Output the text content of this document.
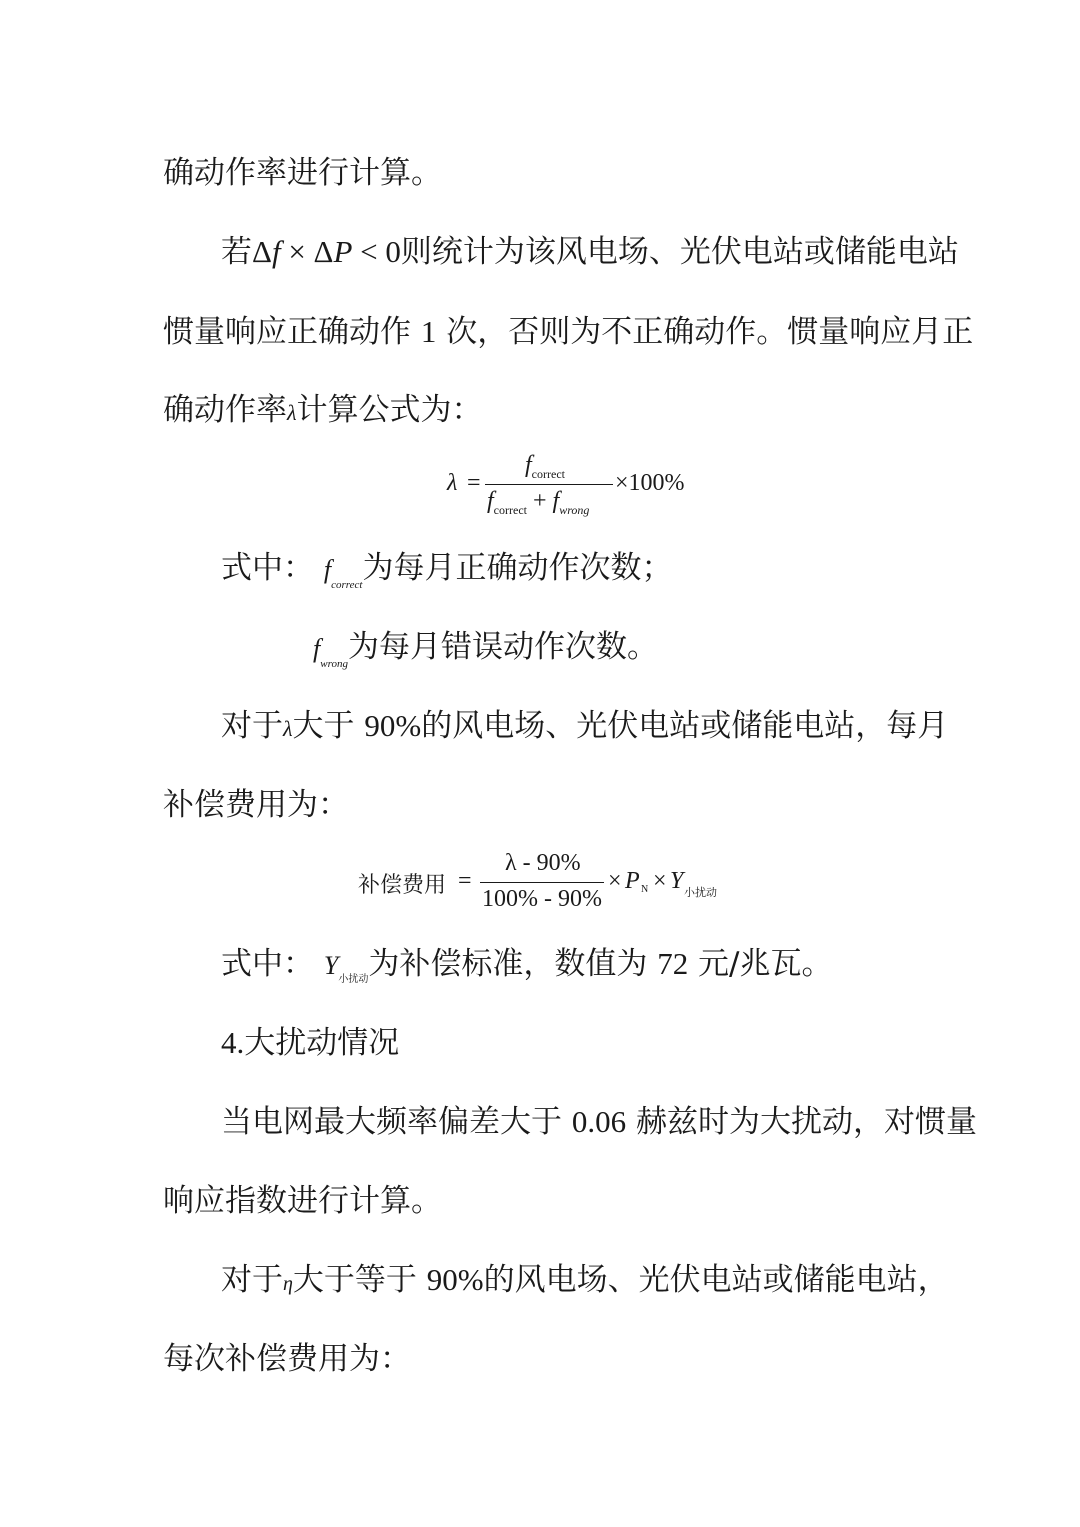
确动作率进行计算。
若Δf × ΔP < 0则统计为该风电场、光伏电站或储能电站
惯量响应正确动作 1 次，否则为不正确动作。惯量响应月正
确动作率λ计算公式为：
λ =
$f_{correct}$
$f_{correct} + f_{wrong}$
×100%
式中： $f_{correct}$为每月正确动作次数；
$f_{wrong}$为每月错误动作次数。
对于λ大于 90%的风电场、光伏电站或储能电站，每月
补偿费用为：
补偿费用 =
λ - 90%
100% - 90%
× P N × Y 小扰动
式中： $Y_{小扰动}$为补偿标准，数值为 72 元/兆瓦。
4.大扰动情况
当电网最大频率偏差大于 0.06 赫兹时为大扰动，对惯量
响应指数进行计算。
对于η大于等于 90%的风电场、光伏电站或储能电站，
每次补偿费用为：
